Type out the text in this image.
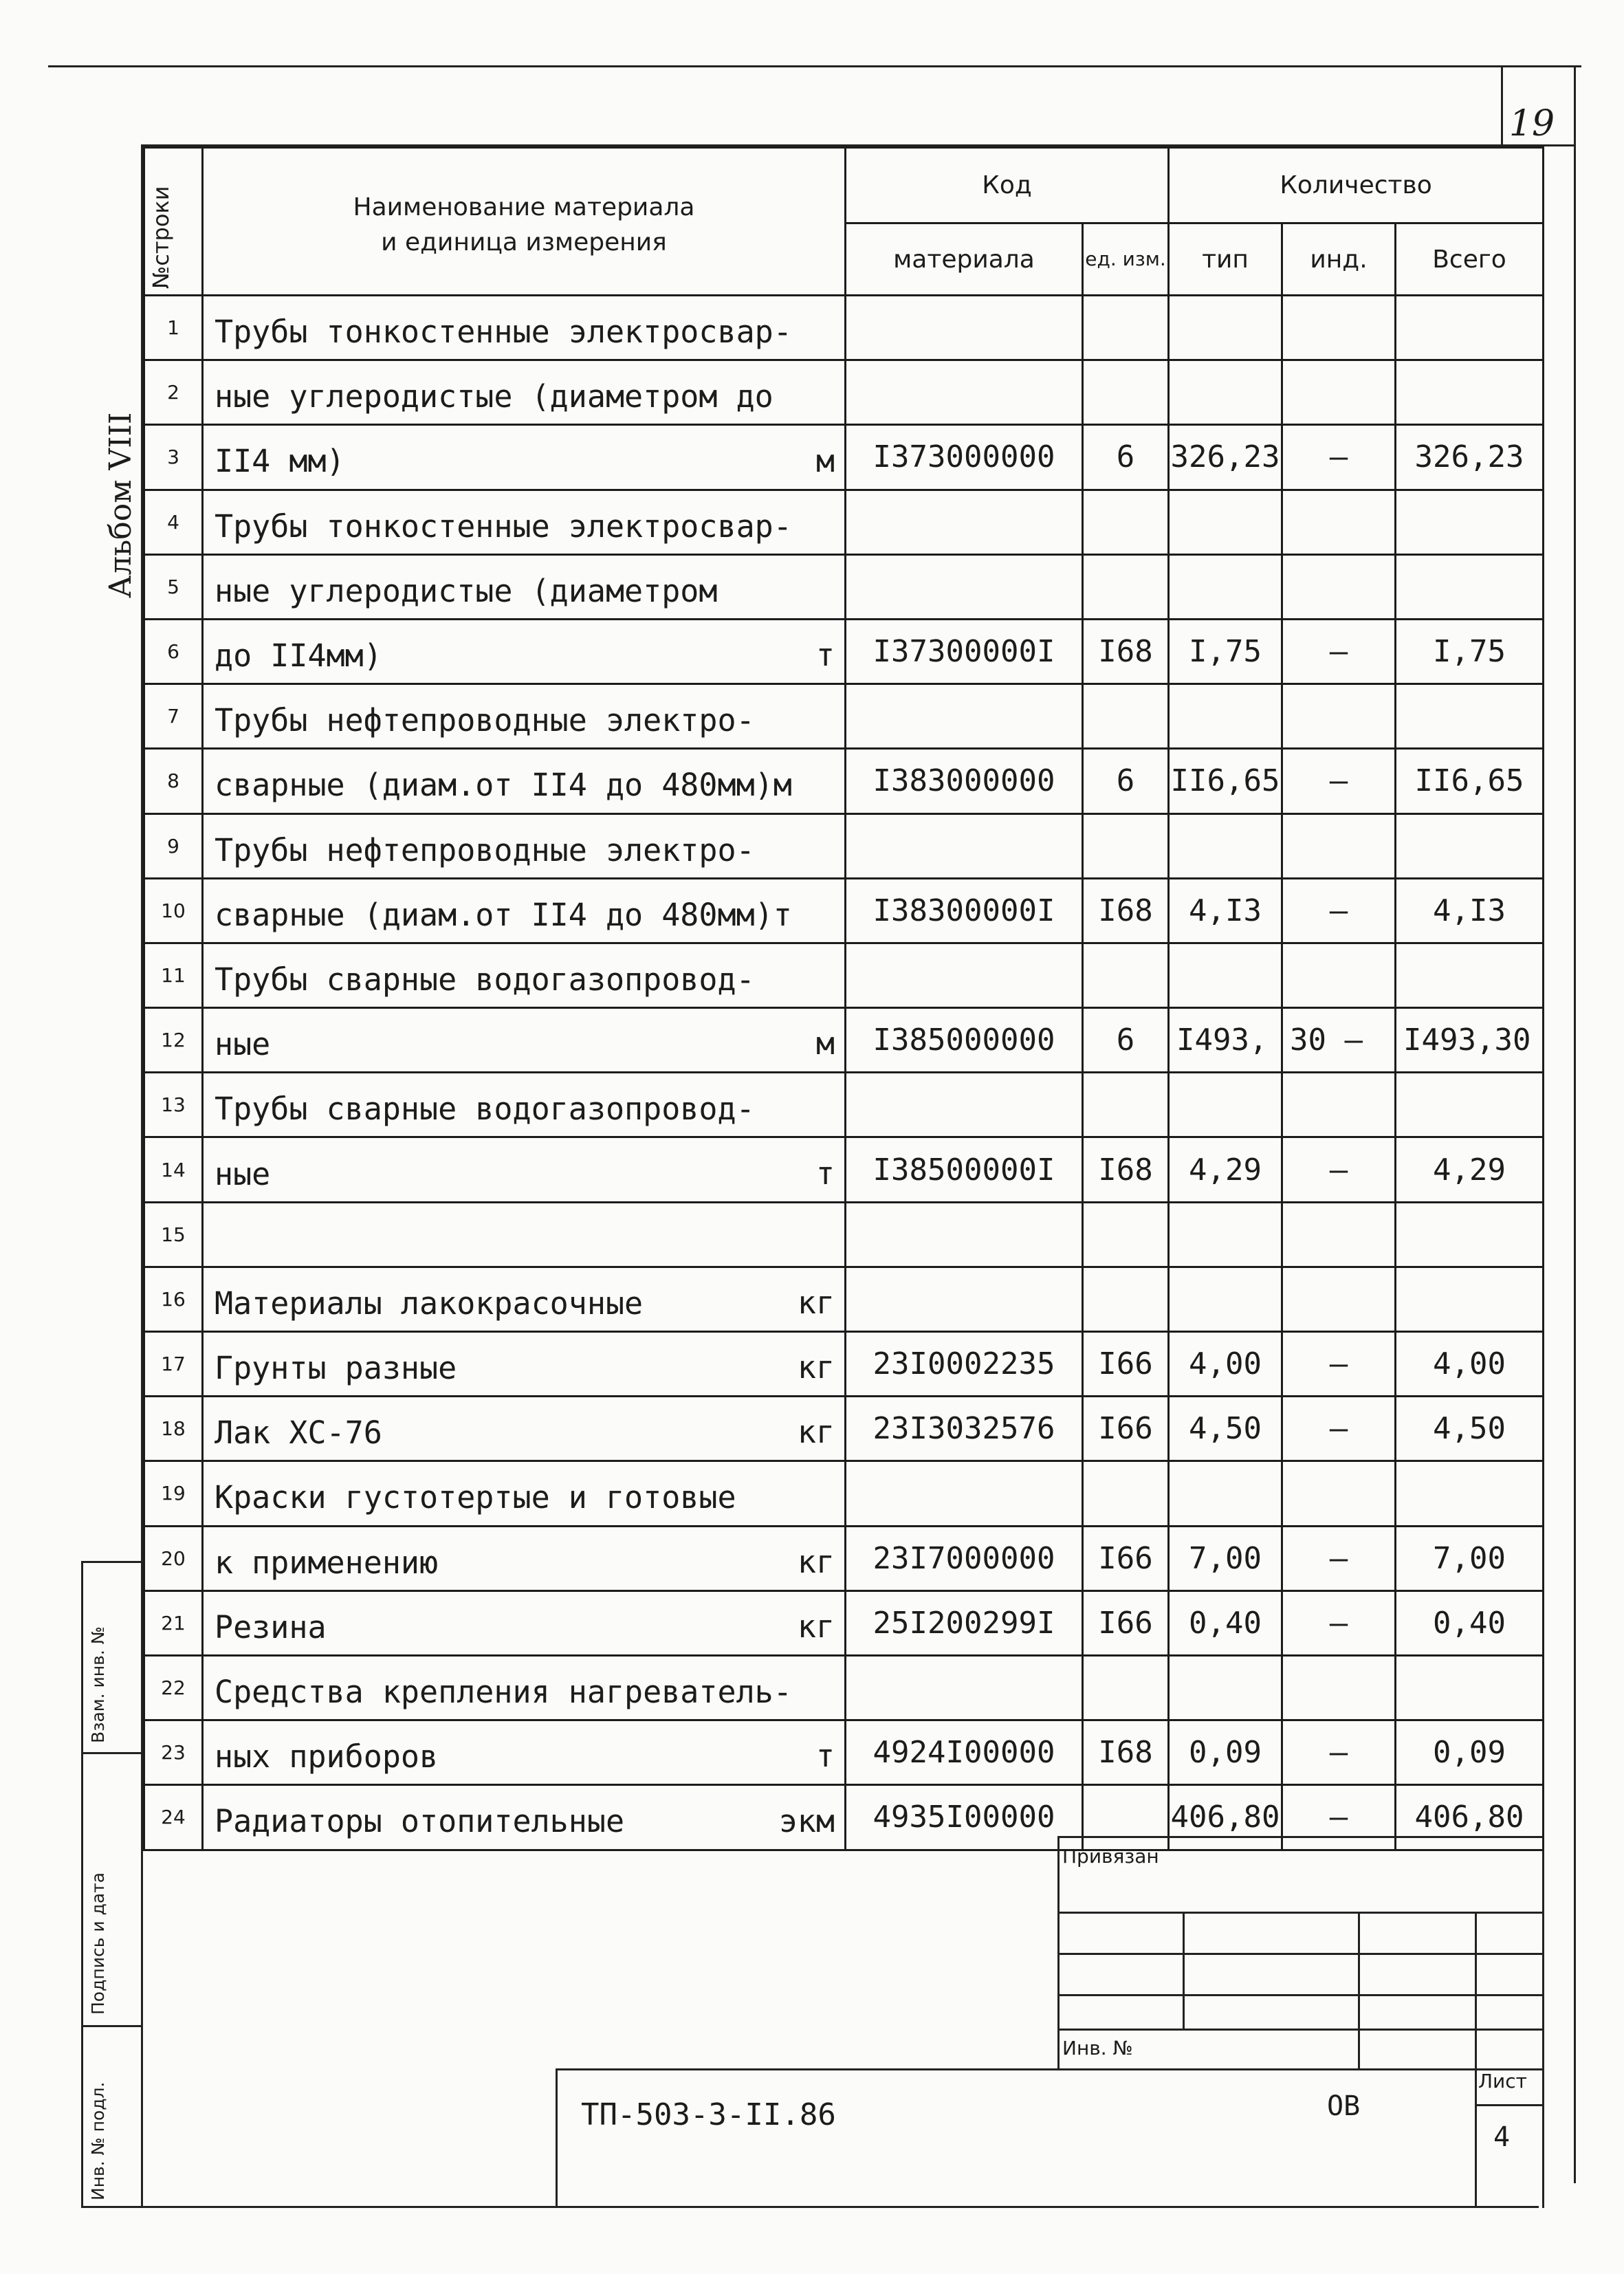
19
Альбом VIII
Взам. инв. №
Подпись и дата
Инв. № подл.
№строки	Наименование материала
и единица измерения	Код		Количество		
		материала	ед. изм.	тип	инд.	Всего
1	Трубы тонкостенные электросвар-

2	ные углеродистые (диаметром до

3	II4 мм) м	I373000000	6	326,23	–	326,23
4	Трубы тонкостенные электросвар-

5	ные углеродистые (диаметром

6	до II4мм) т	I37300000I	I68	I,75	–	I,75
7	Трубы нефтепроводные электро-

8	сварные (диам.от II4 до 480мм)м	I383000000	6	II6,65	–	II6,65
9	Трубы нефтепроводные электро-

10	сварные (диам.от II4 до 480мм)т	I38300000I	I68	4,I3	–	4,I3
11	Трубы сварные водогазопровод-

12	ные м	I385000000	6	I493,	30 –	I493,30
13	Трубы сварные водогазопровод-

14	ные т	I38500000I	I68	4,29	–	4,29
15	

16	Материалы лакокрасочные кг					

17	Грунты разные кг	23I0002235	I66	4,00	–	4,00
18	Лак ХС-76 кг	23I3032576	I66	4,50	–	4,50
19	Краски густотертые и готовые

20	к применению кг	23I7000000	I66	7,00	–	7,00
21	Резина кг	25I200299I	I66	0,40	–	0,40
22	Средства крепления нагреватель-

23	ных приборов т	4924I00000	I68	0,09	–	0,09
24	Радиаторы отопительные экм	4935I00000		406,80	–	406,80
Привязан
Инв. №
ТП-503-3-II.86	ОВ
Лист
4
